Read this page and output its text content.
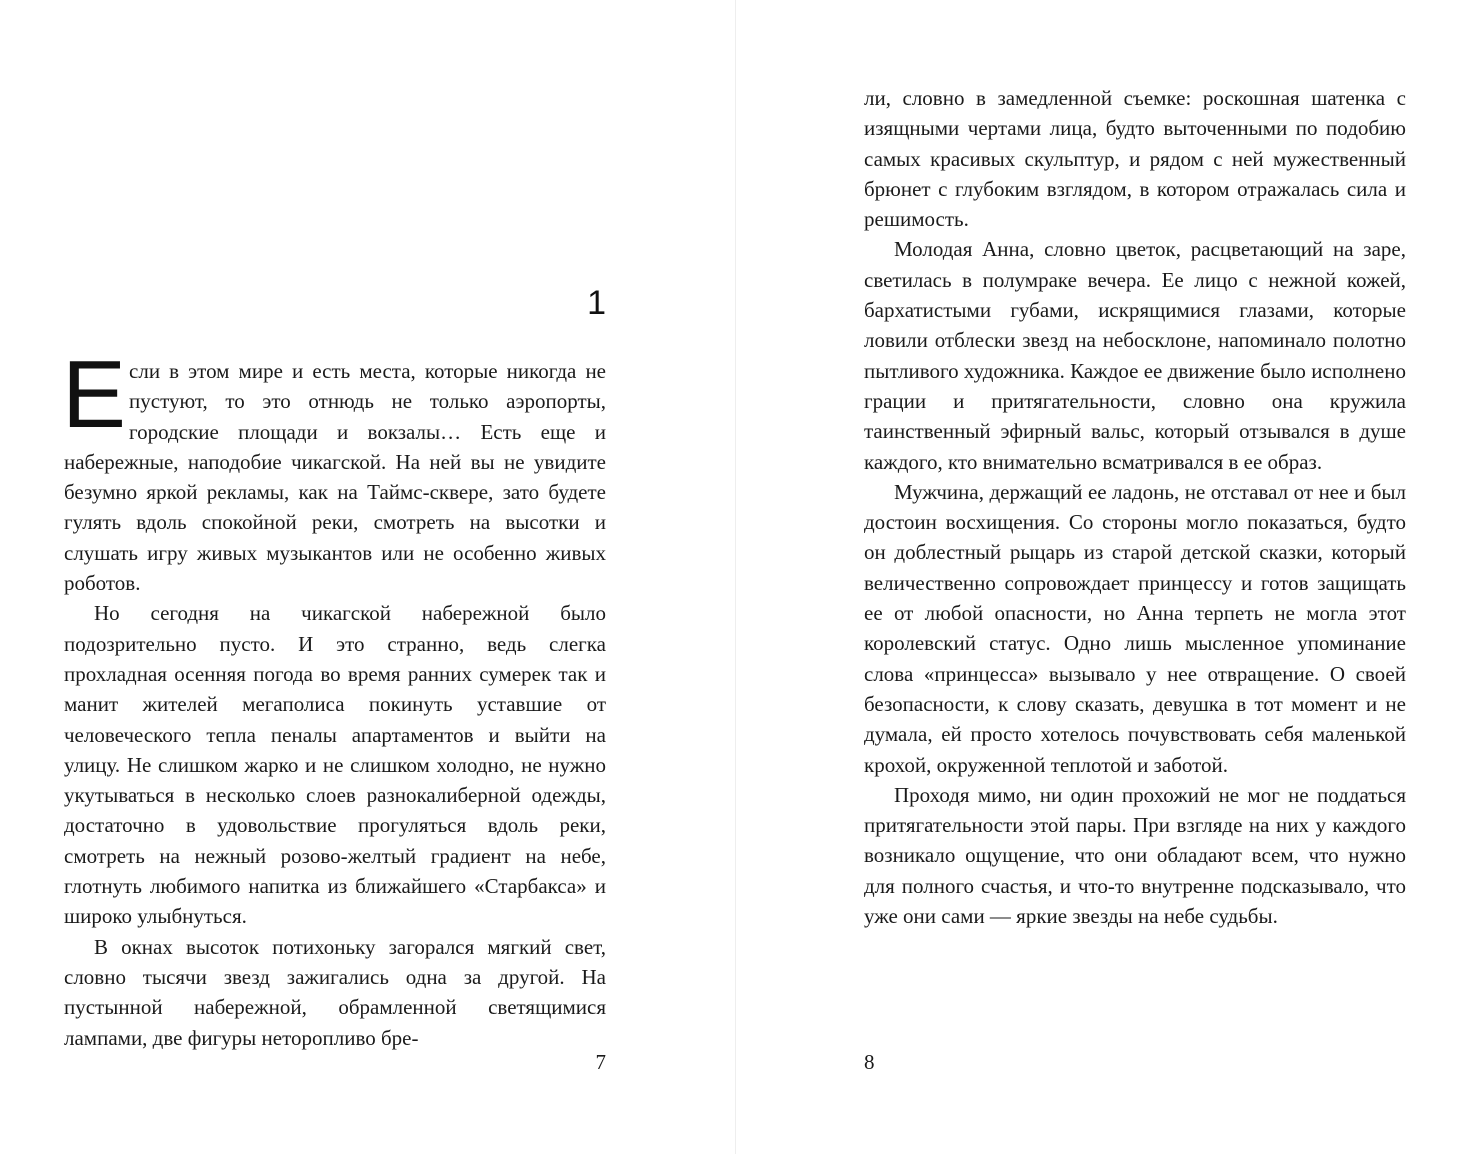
1

Если в этом мире и есть места, которые никогда не пустуют, то это отнюдь не только аэропорты, городские площади и вокзалы… Есть еще и набережные, наподобие чикагской. На ней вы не увидите безумно яркой рекламы, как на Таймс-сквере, зато будете гулять вдоль спокойной реки, смотреть на высотки и слушать игру живых музыкантов или не особенно живых роботов.

Но сегодня на чикагской набережной было подозрительно пусто. И это странно, ведь слегка прохладная осенняя погода во время ранних сумерек так и манит жителей мегаполиса покинуть уставшие от человеческого тепла пеналы апартаментов и выйти на улицу. Не слишком жарко и не слишком холодно, не нужно укутываться в несколько слоев разнокалиберной одежды, достаточно в удовольствие прогуляться вдоль реки, смотреть на нежный розово-желтый градиент на небе, глотнуть любимого напитка из ближайшего «Старбакса» и широко улыбнуться.

В окнах высоток потихоньку загорался мягкий свет, словно тысячи звезд зажигались одна за другой. На пустынной набережной, обрамленной светящимися лампами, две фигуры неторопливо бре-

7

ли, словно в замедленной съемке: роскошная шатенка с изящными чертами лица, будто выточенными по подобию самых красивых скульптур, и рядом с ней мужественный брюнет с глубоким взглядом, в котором отражалась сила и решимость.

Молодая Анна, словно цветок, расцветающий на заре, светилась в полумраке вечера. Ее лицо с нежной кожей, бархатистыми губами, искрящимися глазами, которые ловили отблески звезд на небосклоне, напоминало полотно пытливого художника. Каждое ее движение было исполнено грации и притягательности, словно она кружила таинственный эфирный вальс, который отзывался в душе каждого, кто внимательно всматривался в ее образ.

Мужчина, держащий ее ладонь, не отставал от нее и был достоин восхищения. Со стороны могло показаться, будто он доблестный рыцарь из старой детской сказки, который величественно сопровождает принцессу и готов защищать ее от любой опасности, но Анна терпеть не могла этот королевский статус. Одно лишь мысленное упоминание слова «принцесса» вызывало у нее отвращение. О своей безопасности, к слову сказать, девушка в тот момент и не думала, ей просто хотелось почувствовать себя маленькой крохой, окруженной теплотой и заботой.

Проходя мимо, ни один прохожий не мог не поддаться притягательности этой пары. При взгляде на них у каждого возникало ощущение, что они обладают всем, что нужно для полного счастья, и что-то внутренне подсказывало, что уже они сами — яркие звезды на небе судьбы.

8
